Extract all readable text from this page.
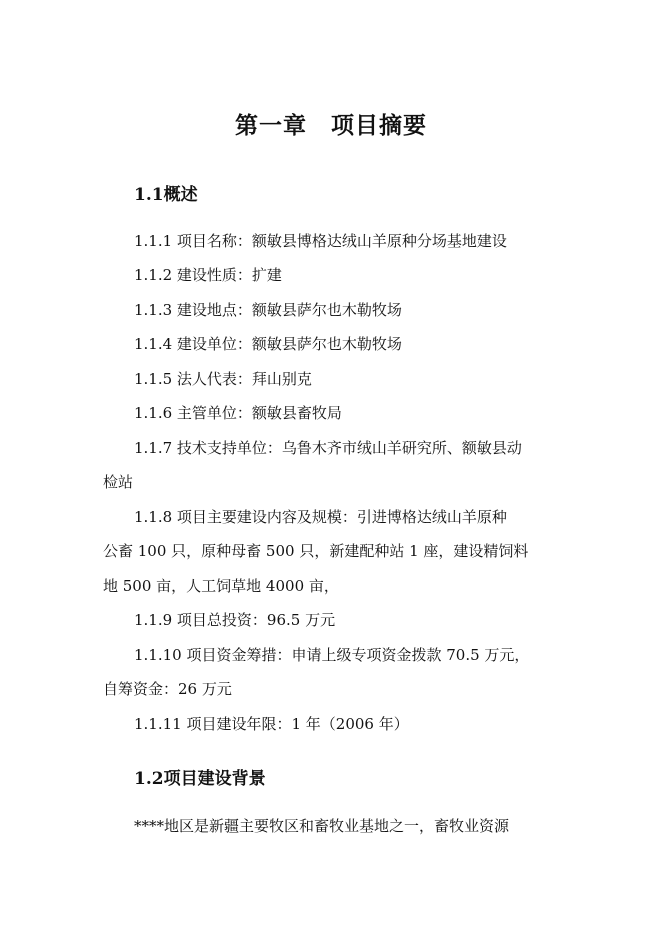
第一章　项目摘要
1.1概述

1.1.1 项目名称：额敏县博格达绒山羊原种分场基地建设

1.1.2 建设性质：扩建

1.1.3 建设地点：额敏县萨尔也木勒牧场

1.1.4 建设单位：额敏县萨尔也木勒牧场

1.1.5 法人代表：拜山别克

1.1.6 主管单位：额敏县畜牧局

1.1.7 技术支持单位：乌鲁木齐市绒山羊研究所、额敏县动

检站

1.1.8 项目主要建设内容及规模：引进博格达绒山羊原种

公畜 100 只，原种母畜 500 只，新建配种站 1 座，建设精饲料

地 500 亩，人工饲草地 4000 亩，

1.1.9 项目总投资：96.5 万元

1.1.10 项目资金筹措：申请上级专项资金拨款 70.5 万元，

自筹资金：26 万元

1.1.11 项目建设年限：1 年（2006 年）

1.2项目建设背景

****地区是新疆主要牧区和畜牧业基地之一，畜牧业资源
